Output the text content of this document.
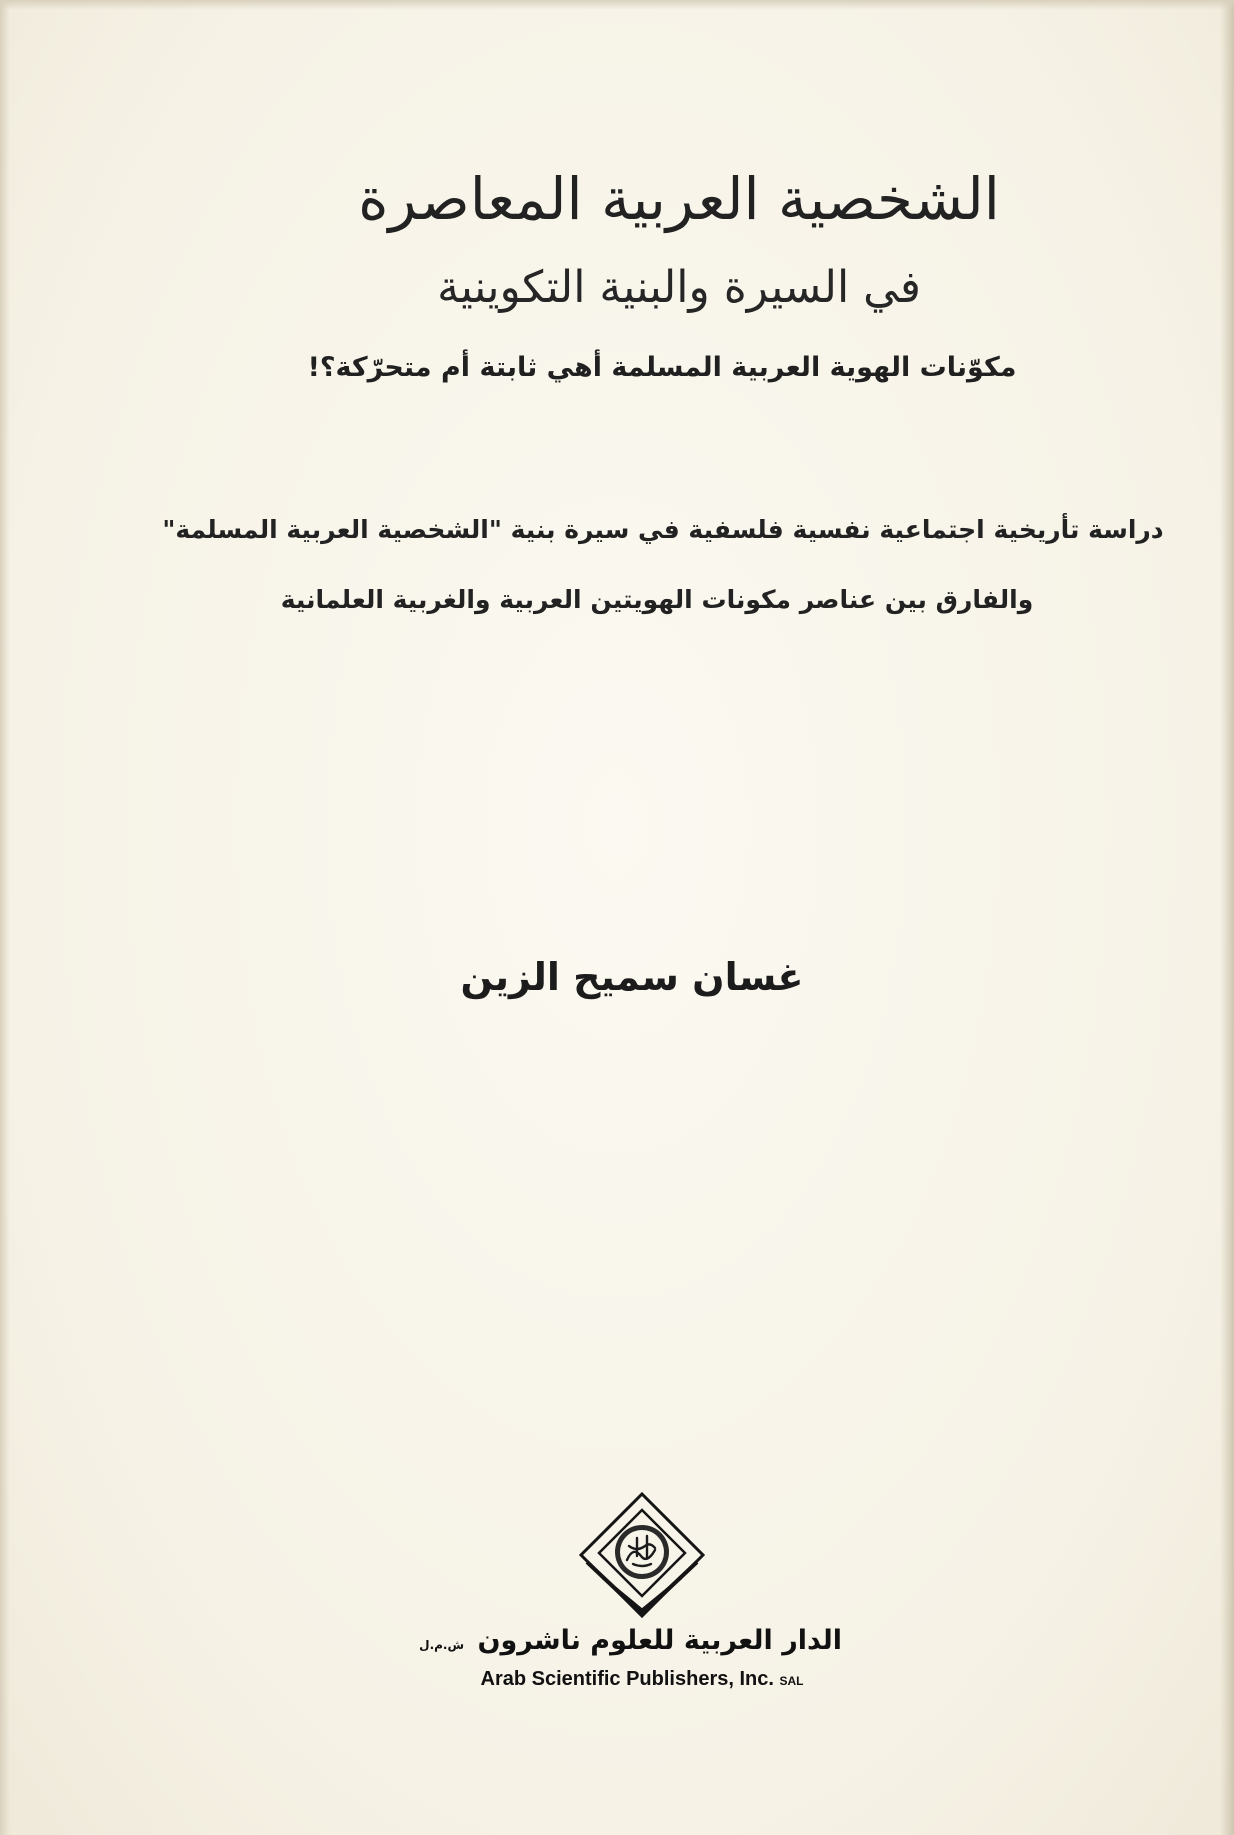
الشخصية العربية المعاصرة
في السيرة والبنية التكوينية

مكوّنات الهوية العربية المسلمة أهي ثابتة أم متحرّكة؟!

دراسة تأريخية اجتماعية نفسية فلسفية في سيرة بنية "الشخصية العربية المسلمة"

والفارق بين عناصر مكونات الهويتين العربية والغربية العلمانية

غسان سميح الزين

الدار العربية للعلوم ناشرون ش.م.ل
Arab Scientific Publishers, Inc. SAL
